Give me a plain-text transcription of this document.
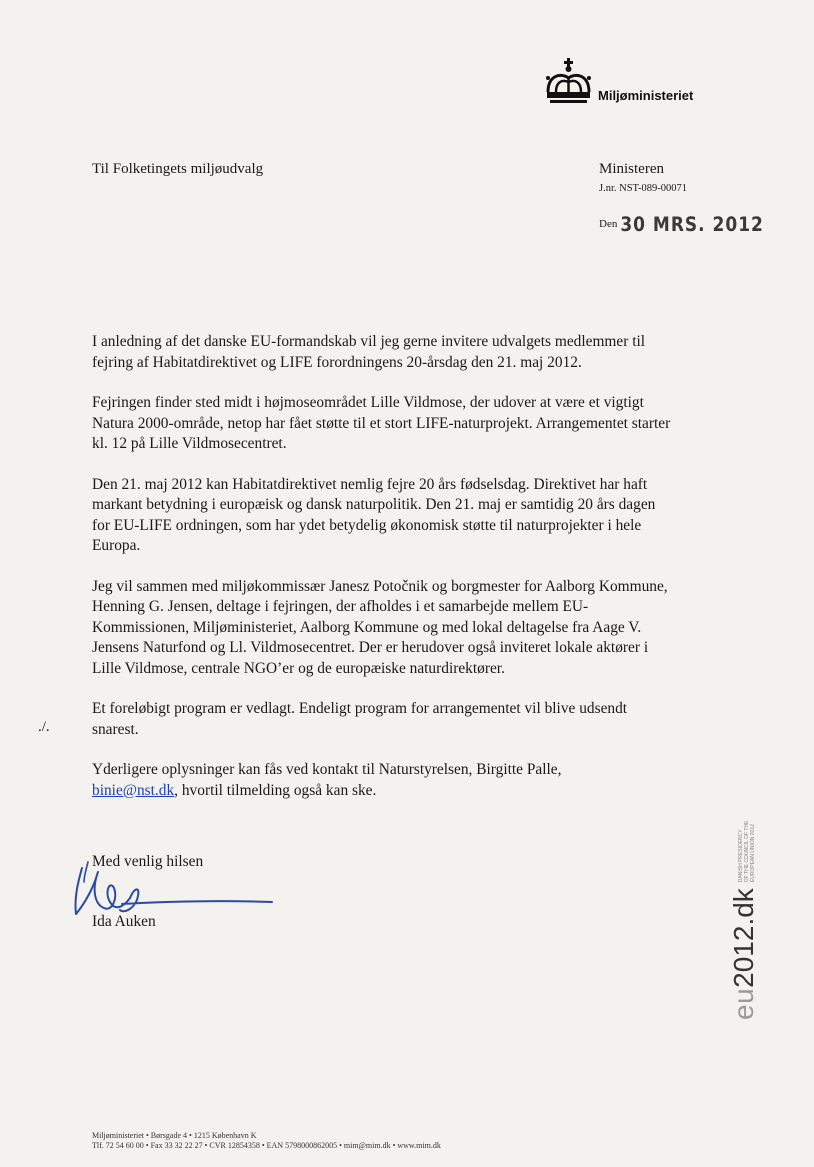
Miljøministeriet
Til Folketingets miljøudvalg	Ministeren
J.nr. NST-089-00071
Den 30 MRS. 2012

I anledning af det danske EU-formandskab vil jeg gerne invitere udvalgets medlemmer til fejring af Habitatdirektivet og LIFE forordningens 20-årsdag den 21. maj 2012.

Fejringen finder sted midt i højmoseområdet Lille Vildmose, der udover at være et vigtigt Natura 2000-område, netop har fået støtte til et stort LIFE-naturprojekt. Arrangementet starter kl. 12 på Lille Vildmosecentret.

Den 21. maj 2012 kan Habitatdirektivet nemlig fejre 20 års fødselsdag. Direktivet har haft markant betydning i europæisk og dansk naturpolitik. Den 21. maj er samtidig 20 års dagen for EU-LIFE ordningen, som har ydet betydelig økonomisk støtte til naturprojekter i hele Europa.

Jeg vil sammen med miljøkommissær Janesz Potočnik og borgmester for Aalborg Kommune, Henning G. Jensen, deltage i fejringen, der afholdes i et samarbejde mellem EU-Kommissionen, Miljøministeriet, Aalborg Kommune og med lokal deltagelse fra Aage V. Jensens Naturfond og Ll. Vildmosecentret. Der er herudover også inviteret lokale aktører i Lille Vildmose, centrale NGO’er og de europæiske naturdirektører.

Et foreløbigt program er vedlagt. Endeligt program for arrangementet vil blive udsendt snarest.

Yderligere oplysninger kan fås ved kontakt til Naturstyrelsen, Birgitte Palle,
binie@nst.dk, hvortil tilmelding også kan ske.

./.
Med venlig hilsen
Ida Auken
eu
2012
.dk
DANISH PRESIDENCY OF THE COUNCIL OF THE EUROPEAN UNION 2012
Miljøministeriet • Børsgade 4 • 1215 København K
Tlf. 72 54 60 00 • Fax 33 32 22 27 • CVR 12854358 • EAN 5798000862005 • mim@mim.dk • www.mim.dk
